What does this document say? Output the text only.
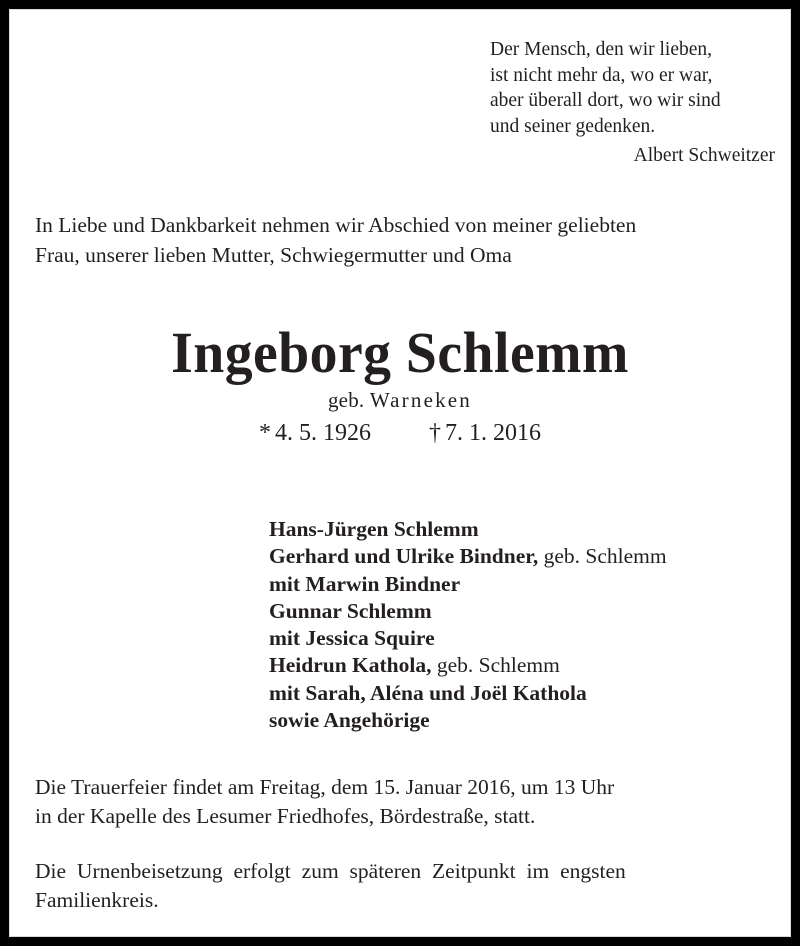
Der Mensch, den wir lieben,
ist nicht mehr da, wo er war,
aber überall dort, wo wir sind
und seiner gedenken.
Albert Schweitzer
In Liebe und Dankbarkeit nehmen wir Abschied von meiner geliebten
Frau, unserer lieben Mutter, Schwiegermutter und Oma
Ingeborg Schlemm
geb. Warneken
* 4. 5. 1926 † 7. 1. 2016
Hans-Jürgen Schlemm
Gerhard und Ulrike Bindner, geb. Schlemm
mit Marwin Bindner
Gunnar Schlemm
mit Jessica Squire
Heidrun Kathola, geb. Schlemm
mit Sarah, Aléna und Joël Kathola
sowie Angehörige
Die Trauerfeier findet am Freitag, dem 15. Januar 2016, um 13 Uhr
in der Kapelle des Lesumer Friedhofes, Bördestraße, statt.
Die Urnenbeisetzung erfolgt zum späteren Zeitpunkt im engsten
Familienkreis.
